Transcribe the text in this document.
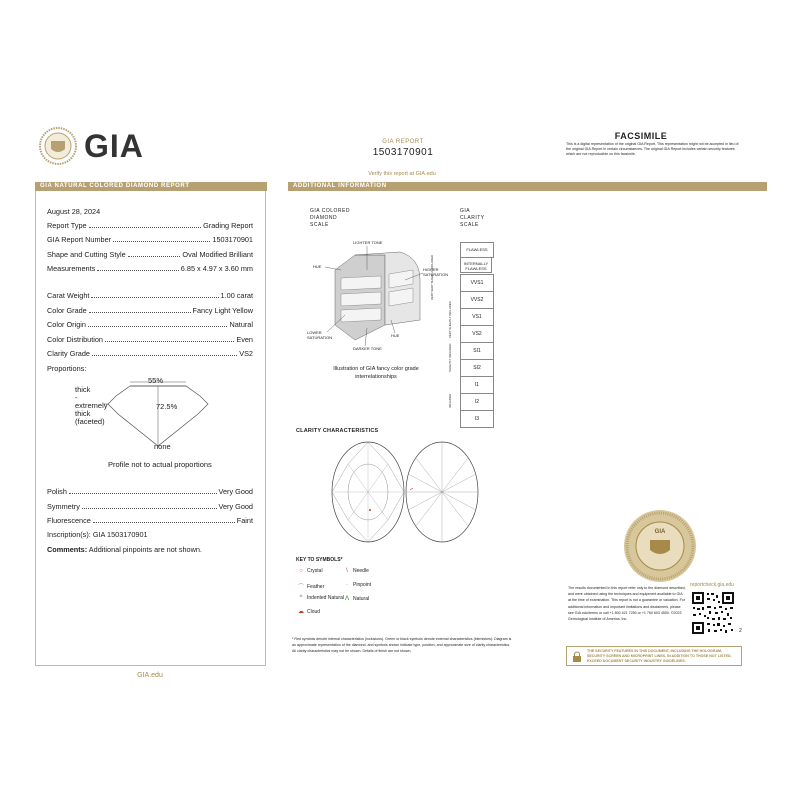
GIA	GIA REPORT
1503170901
Verify this report at GIA.edu
FACSIMILE
This is a digital representation of the original GIA Report. This representation might not be accepted in lieu of the original GIA Report in certain circumstances. The original GIA Report includes certain security features which are not reproducible on this facsimile.
GIA NATURAL COLORED DIAMOND REPORT
August 28, 2024
Report Type	Grading Report
GIA Report Number	1503170901
Shape and Cutting Style	Oval Modified Brilliant
Measurements	6.85 x 4.97 x 3.60 mm
Carat Weight	1.00 carat
Color Grade	Fancy Light Yellow
Color Origin	Natural
Color Distribution	Even
Clarity Grade	VS2
Proportions:
55%
72.5%
thick
-
extremely
thick
(faceted)
none
Profile not to actual proportions
Polish	Very Good
Symmetry	Very Good
Fluorescence	Faint
Inscription(s): GIA 1503170901
Comments: Additional pinpoints are not shown.
GIA.edu
ADDITIONAL INFORMATION
GIA COLORED
DIAMOND
SCALE
LIGHTER TONE
HUE
HIGHER SATURATION
LOWER SATURATION
DARKER TONE
HUE
Illustration of GIA fancy color grade interrelationships
GIA
CLARITY
SCALE
FLAWLESS
INTERNALLY FLAWLESS
VVS1
VVS2
VS1
VS2
SI1
SI2
I1
I2
I3
VERY VERY SLIGHTLY INCLUDED
VERY SLIGHTLY INCLUDED
SLIGHTLY INCLUDED
INCLUDED
CLARITY CHARACTERISTICS
KEY TO SYMBOLS*
○ Crystal	\	Needle
⌒ Feather	·	Pinpoint
^ Indented Natural ᐱ Natural
☁ Cloud
* Red symbols denote internal characteristics (inclusions). Green or black symbols denote external characteristics (blemishes). Diagram is an approximate representation of the diamond, and symbols shown indicate type, position, and approximate size of clarity characteristics. All clarity characteristics may not be shown. Details of finish are not shown.
GIA
reportcheck.gia.edu
The results documented in this report refer only to the diamond described, and were obtained using the techniques and equipment available to GIA at the time of examination. This report is not a guarantee or valuation. For additional information and important limitations and disclaimers, please see GIA.edu/terms or call +1 800 421 7250 or +1 760 603 4500. ©2023 Gemological Institute of America, Inc.
2
THE SECURITY FEATURES IN THIS DOCUMENT, INCLUDING THE HOLOGRAM, SECURITY SCREEN AND MICROPRINT LINES, IN ADDITION TO THOSE NOT LISTED, EXCEED DOCUMENT SECURITY INDUSTRY GUIDELINES.
